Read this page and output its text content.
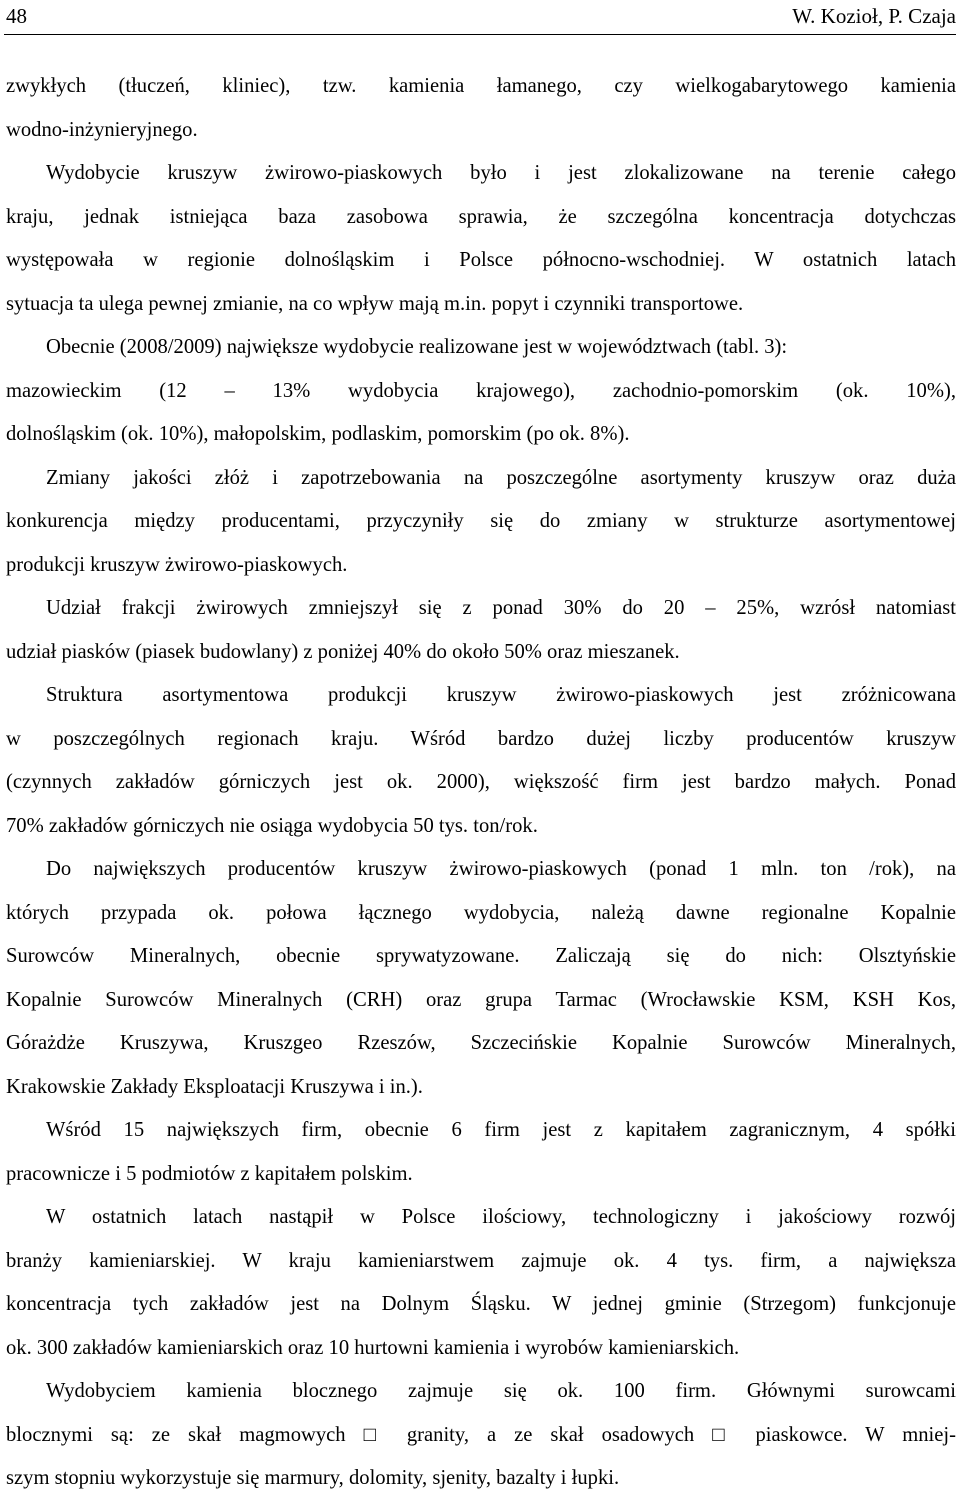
48	W. Kozioł, P. Czaja
zwykłych (tłuczeń, kliniec), tzw. kamienia łamanego, czy wielkogabarytowego kamienia
wodno-inżynieryjnego.
Wydobycie kruszyw żwirowo-piaskowych było i jest zlokalizowane na terenie całego
kraju, jednak istniejąca baza zasobowa sprawia, że szczególna koncentracja dotychczas
występowała w regionie dolnośląskim i Polsce północno-wschodniej. W ostatnich latach
sytuacja ta ulega pewnej zmianie, na co wpływ mają m.in. popyt i czynniki transportowe.
Obecnie (2008/2009) największe wydobycie realizowane jest w województwach (tabl. 3):
mazowieckim (12 – 13% wydobycia krajowego), zachodnio-pomorskim (ok. 10%),
dolnośląskim (ok. 10%), małopolskim, podlaskim, pomorskim (po ok. 8%).
Zmiany jakości złóż i zapotrzebowania na poszczególne asortymenty kruszyw oraz duża
konkurencja między producentami, przyczyniły się do zmiany w strukturze asortymentowej
produkcji kruszyw żwirowo-piaskowych.
Udział frakcji żwirowych zmniejszył się z ponad 30% do 20 – 25%, wzrósł natomiast
udział piasków (piasek budowlany) z poniżej 40% do około 50% oraz mieszanek.
Struktura asortymentowa produkcji kruszyw żwirowo-piaskowych jest zróżnicowana
w poszczególnych regionach kraju. Wśród bardzo dużej liczby producentów kruszyw
(czynnych zakładów górniczych jest ok. 2000), większość firm jest bardzo małych. Ponad
70% zakładów górniczych nie osiąga wydobycia 50 tys. ton/rok.
Do największych producentów kruszyw żwirowo-piaskowych (ponad 1 mln. ton /rok), na
których przypada ok. połowa łącznego wydobycia, należą dawne regionalne Kopalnie
Surowców Mineralnych, obecnie sprywatyzowane. Zaliczają się do nich: Olsztyńskie
Kopalnie Surowców Mineralnych (CRH) oraz grupa Tarmac (Wrocławskie KSM, KSH Kos,
Górażdże Kruszywa, Kruszgeo Rzeszów, Szczecińskie Kopalnie Surowców Mineralnych,
Krakowskie Zakłady Eksploatacji Kruszywa i in.).
Wśród 15 największych firm, obecnie 6 firm jest z kapitałem zagranicznym, 4 spółki
pracownicze i 5 podmiotów z kapitałem polskim.
W ostatnich latach nastąpił w Polsce ilościowy, technologiczny i jakościowy rozwój
branży kamieniarskiej. W kraju kamieniarstwem zajmuje ok. 4 tys. firm, a największa
koncentracja tych zakładów jest na Dolnym Śląsku. W jednej gminie (Strzegom) funkcjonuje
ok. 300 zakładów kamieniarskich oraz 10 hurtowni kamienia i wyrobów kamieniarskich.
Wydobyciem kamienia blocznego zajmuje się ok. 100 firm. Głównymi surowcami
blocznymi są: ze skał magmowych □ granity, a ze skał osadowych □ piaskowce. W mniej-
szym stopniu wykorzystuje się marmury, dolomity, sjenity, bazalty i łupki.
